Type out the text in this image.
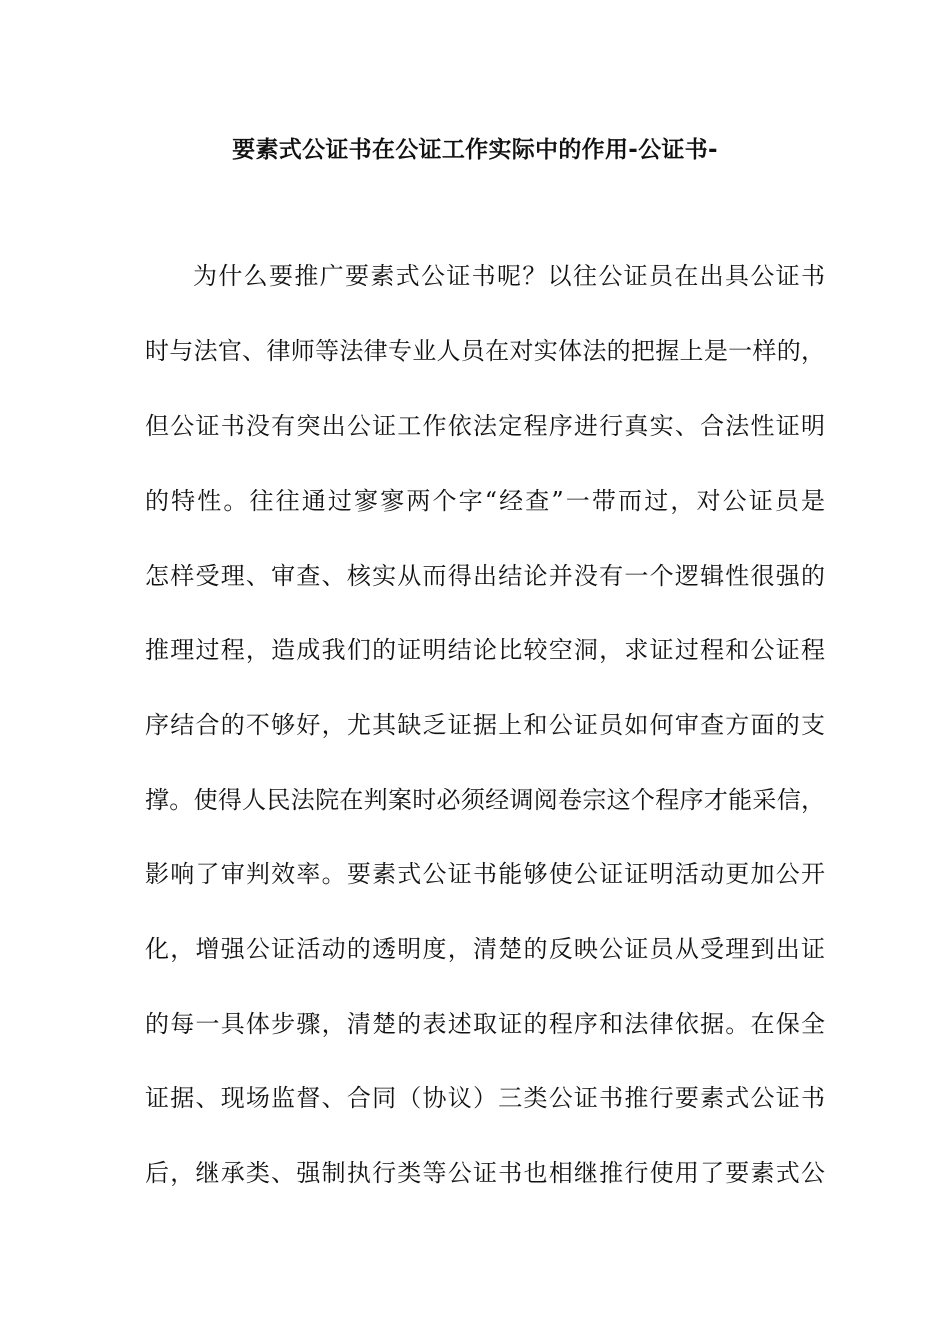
要素式公证书在公证工作实际中的作用-公证书-
为什么要推广要素式公证书呢？以往公证员在出具公证书
时与法官、律师等法律专业人员在对实体法的把握上是一样的，
但公证书没有突出公证工作依法定程序进行真实、合法性证明
的特性。往往通过寥寥两个字“经查”一带而过，对公证员是
怎样受理、审查、核实从而得出结论并没有一个逻辑性很强的
推理过程，造成我们的证明结论比较空洞，求证过程和公证程
序结合的不够好，尤其缺乏证据上和公证员如何审查方面的支
撑。使得人民法院在判案时必须经调阅卷宗这个程序才能采信，
影响了审判效率。要素式公证书能够使公证证明活动更加公开
化，增强公证活动的透明度，清楚的反映公证员从受理到出证
的每一具体步骤，清楚的表述取证的程序和法律依据。在保全
证据、现场监督、合同（协议）三类公证书推行要素式公证书
后，继承类、强制执行类等公证书也相继推行使用了要素式公
